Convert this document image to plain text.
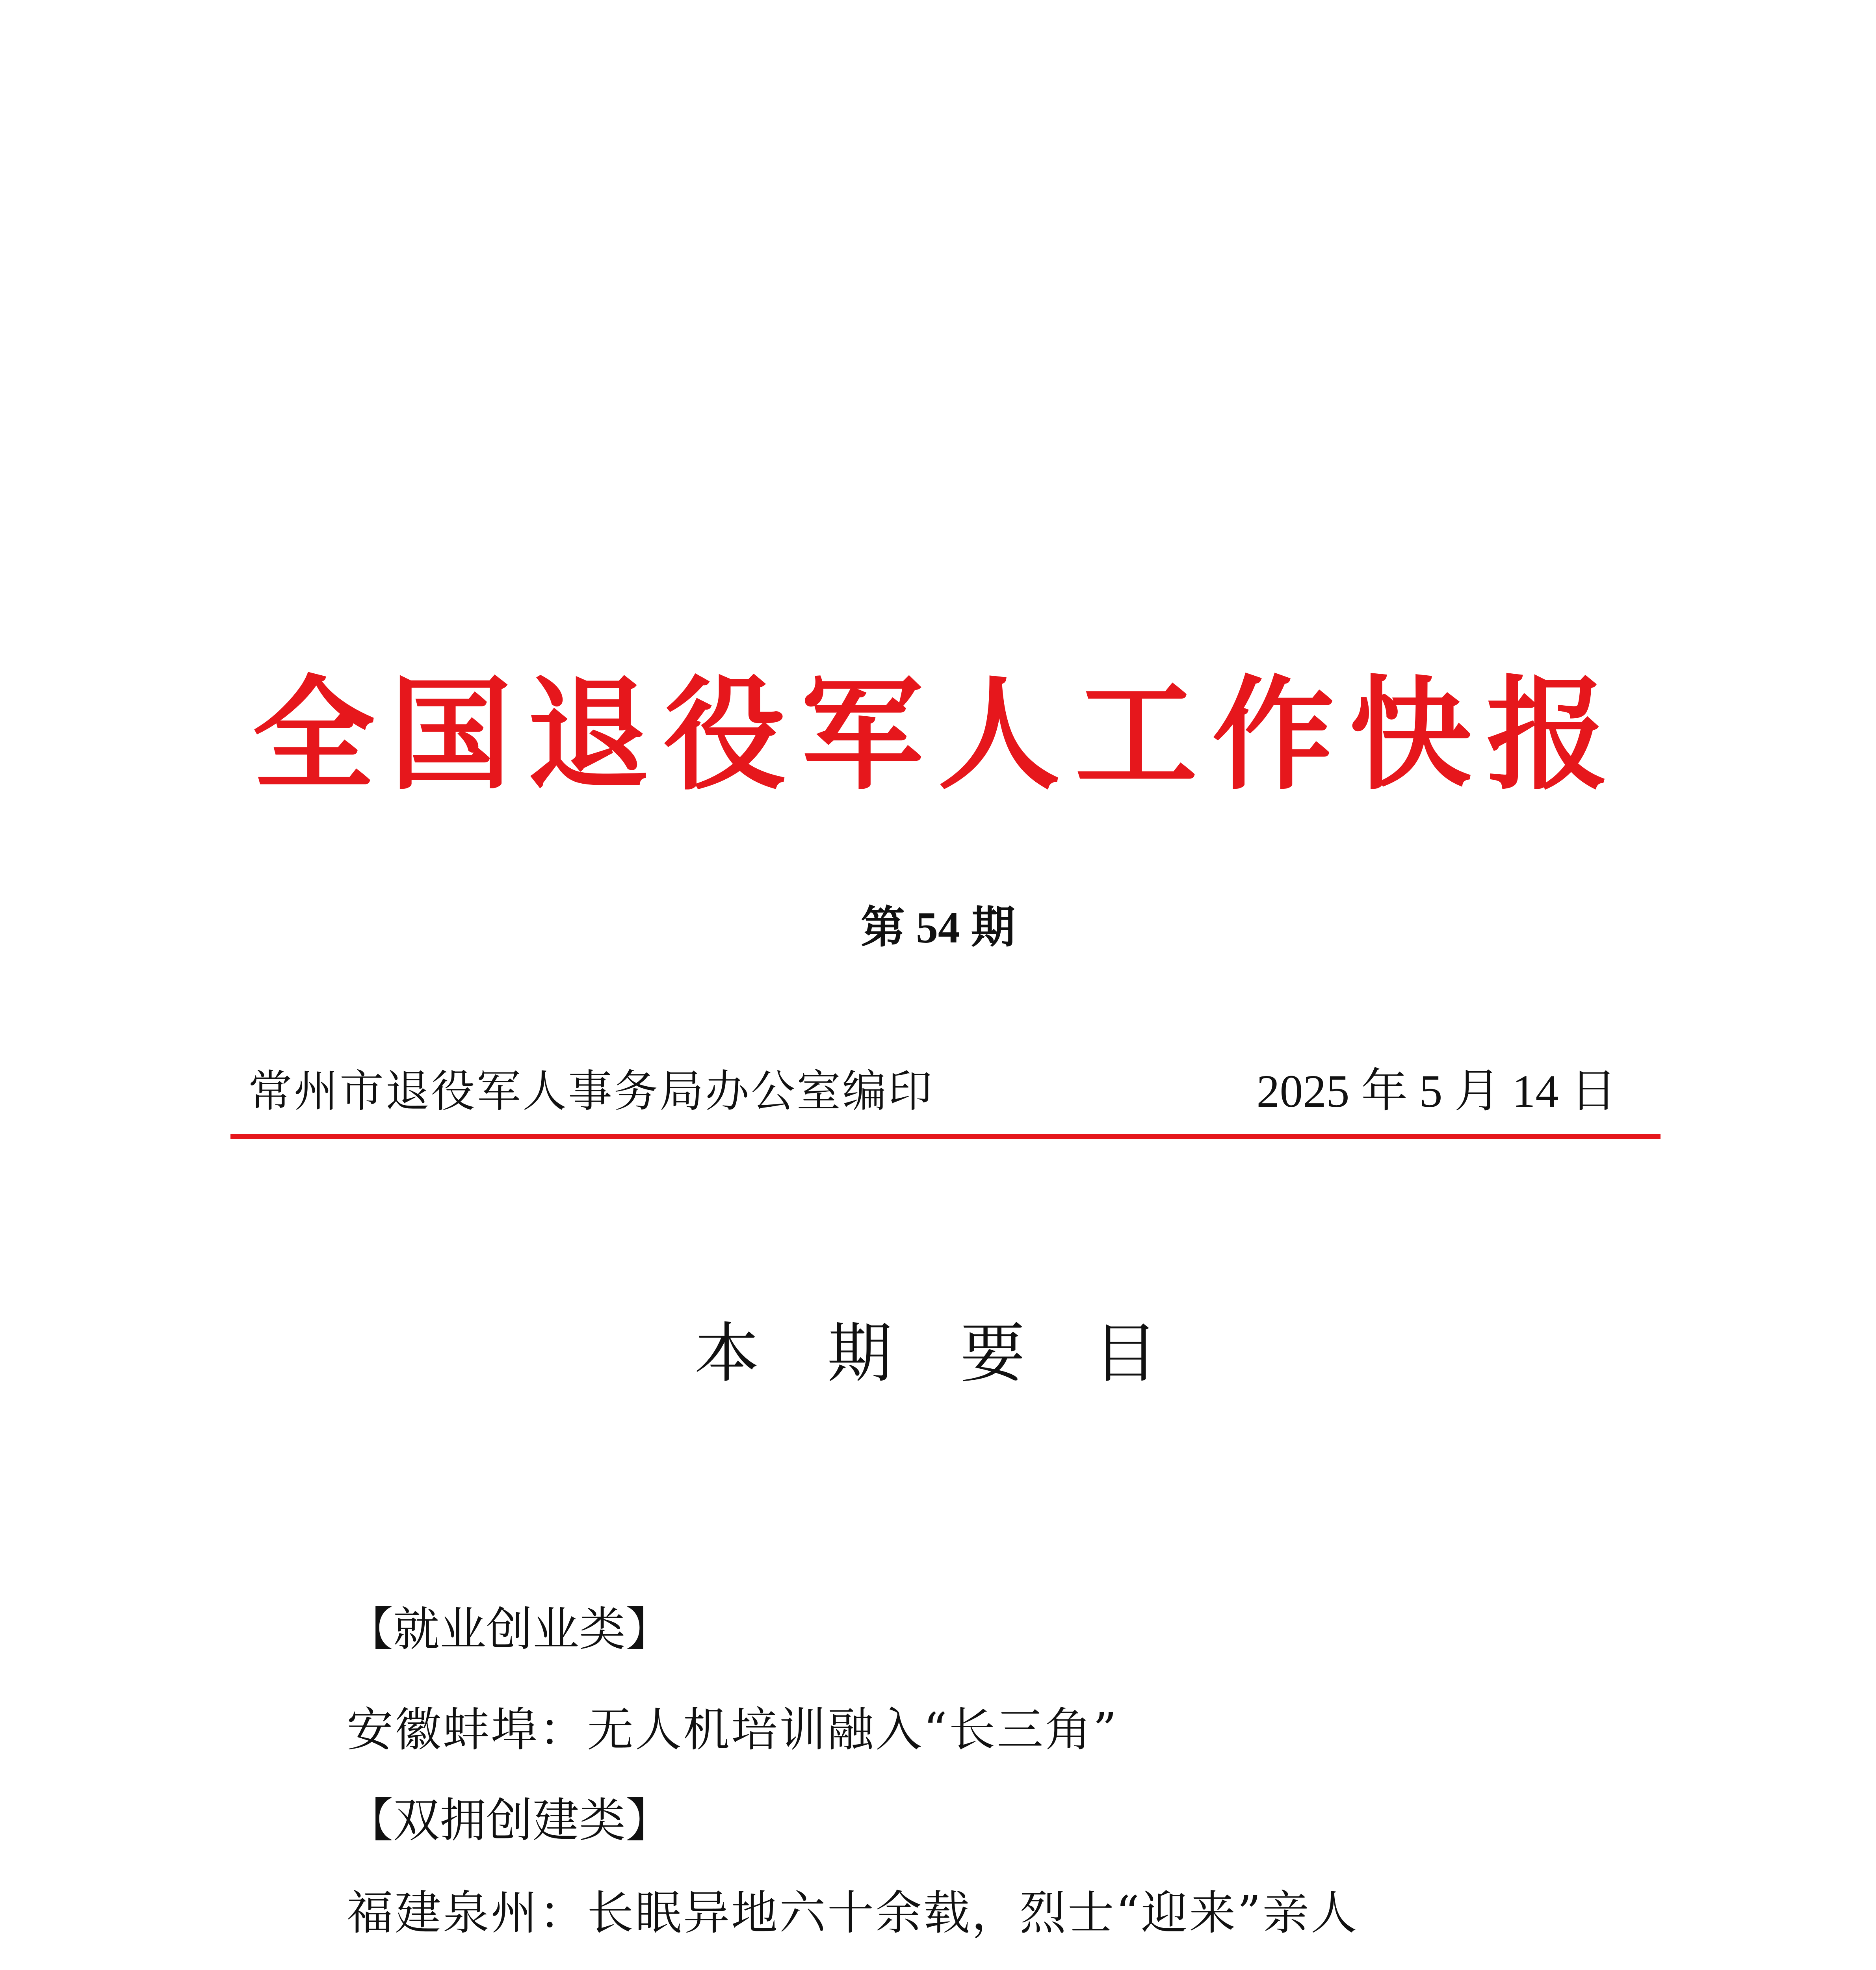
全国退役军人工作快报
第 54 期
常州市退役军人事务局办公室编印	2025 年 5 月 14 日
本 期 要 目
【就业创业类】
安徽蚌埠：无人机培训融入“长三角”
【双拥创建类】
福建泉州：长眠异地六十余载，烈士“迎来”亲人
